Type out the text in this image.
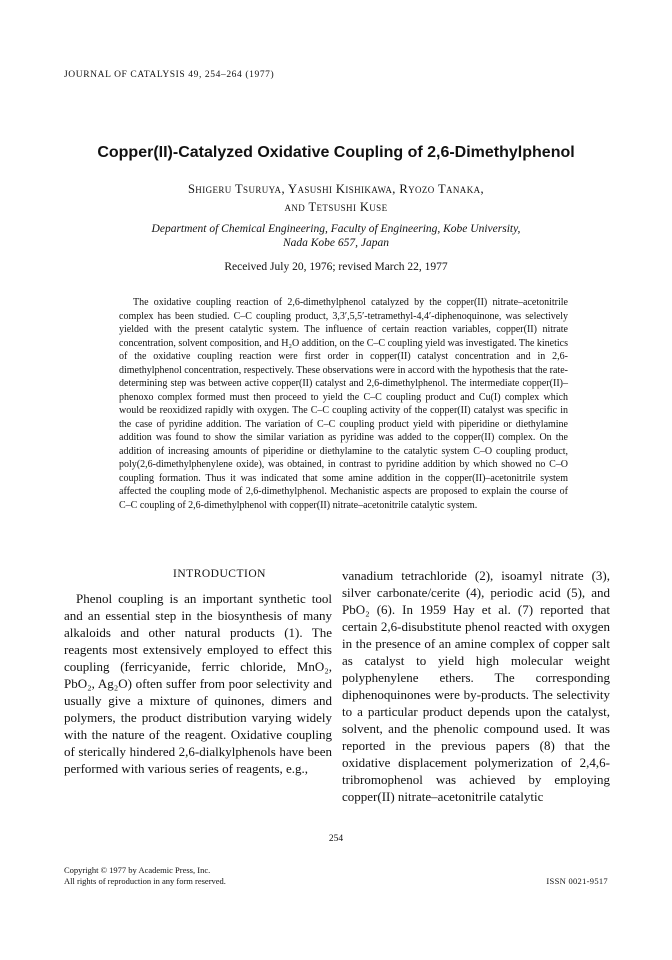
JOURNAL OF CATALYSIS 49, 254–264 (1977)
Copper(II)-Catalyzed Oxidative Coupling of 2,6-Dimethylphenol
Shigeru Tsuruya, Yasushi Kishikawa, Ryozo Tanaka,
and Tetsushi Kuse
Department of Chemical Engineering, Faculty of Engineering, Kobe University,
Nada Kobe 657, Japan
Received July 20, 1976; revised March 22, 1977
The oxidative coupling reaction of 2,6-dimethylphenol catalyzed by the copper(II) nitrate–acetonitrile complex has been studied. C–C coupling product, 3,3′,5,5′-tetramethyl-4,4′-diphenoquinone, was selectively yielded with the present catalytic system. The influence of certain reaction variables, copper(II) nitrate concentration, solvent composition, and H₂O addition, on the C–C coupling yield was investigated. The kinetics of the oxidative coupling reaction were first order in copper(II) catalyst concentration and in 2,6-dimethylphenol concentration, respectively. These observations were in accord with the hypothesis that the rate-determining step was between active copper(II) catalyst and 2,6-dimethylphenol. The intermediate copper(II)–phenoxo complex formed must then proceed to yield the C–C coupling product and Cu(I) complex which would be reoxidized rapidly with oxygen. The C–C coupling activity of the copper(II) catalyst was specific in the case of pyridine addition. The variation of C–C coupling product yield with piperidine or diethylamine addition was found to show the similar variation as pyridine was added to the copper(II) complex. On the addition of increasing amounts of piperidine or diethylamine to the catalytic system C–O coupling product, poly(2,6-dimethylphenylene oxide), was obtained, in contrast to pyridine addition by which showed no C–O coupling formation. Thus it was indicated that some amine addition in the copper(II)–acetonitrile system affected the coupling mode of 2,6-dimethylphenol. Mechanistic aspects are proposed to explain the course of C–C coupling of 2,6-dimethylphenol with copper(II) nitrate–acetonitrile catalytic system.
INTRODUCTION
Phenol coupling is an important synthetic tool and an essential step in the biosynthesis of many alkaloids and other natural products (1). The reagents most extensively employed to effect this coupling (ferricyanide, ferric chloride, MnO₂, PbO₂, Ag₂O) often suffer from poor selectivity and usually give a mixture of quinones, dimers and polymers, the product distribution varying widely with the nature of the reagent. Oxidative coupling of sterically hindered 2,6-dialkylphenols have been performed with various series of reagents, e.g.,
vanadium tetrachloride (2), isoamyl nitrate (3), silver carbonate/cerite (4), periodic acid (5), and PbO₂ (6). In 1959 Hay et al. (7) reported that certain 2,6-disubstitute phenol reacted with oxygen in the presence of an amine complex of copper salt as catalyst to yield high molecular weight polyphenylene ethers. The corresponding diphenoquinones were by-products. The selectivity to a particular product depends upon the catalyst, solvent, and the phenolic compound used. It was reported in the previous papers (8) that the oxidative displacement polymerization of 2,4,6-tribromophenol was achieved by employing copper(II) nitrate–acetonitrile catalytic
254
Copyright © 1977 by Academic Press, Inc.
All rights of reproduction in any form reserved.	ISSN 0021-9517
